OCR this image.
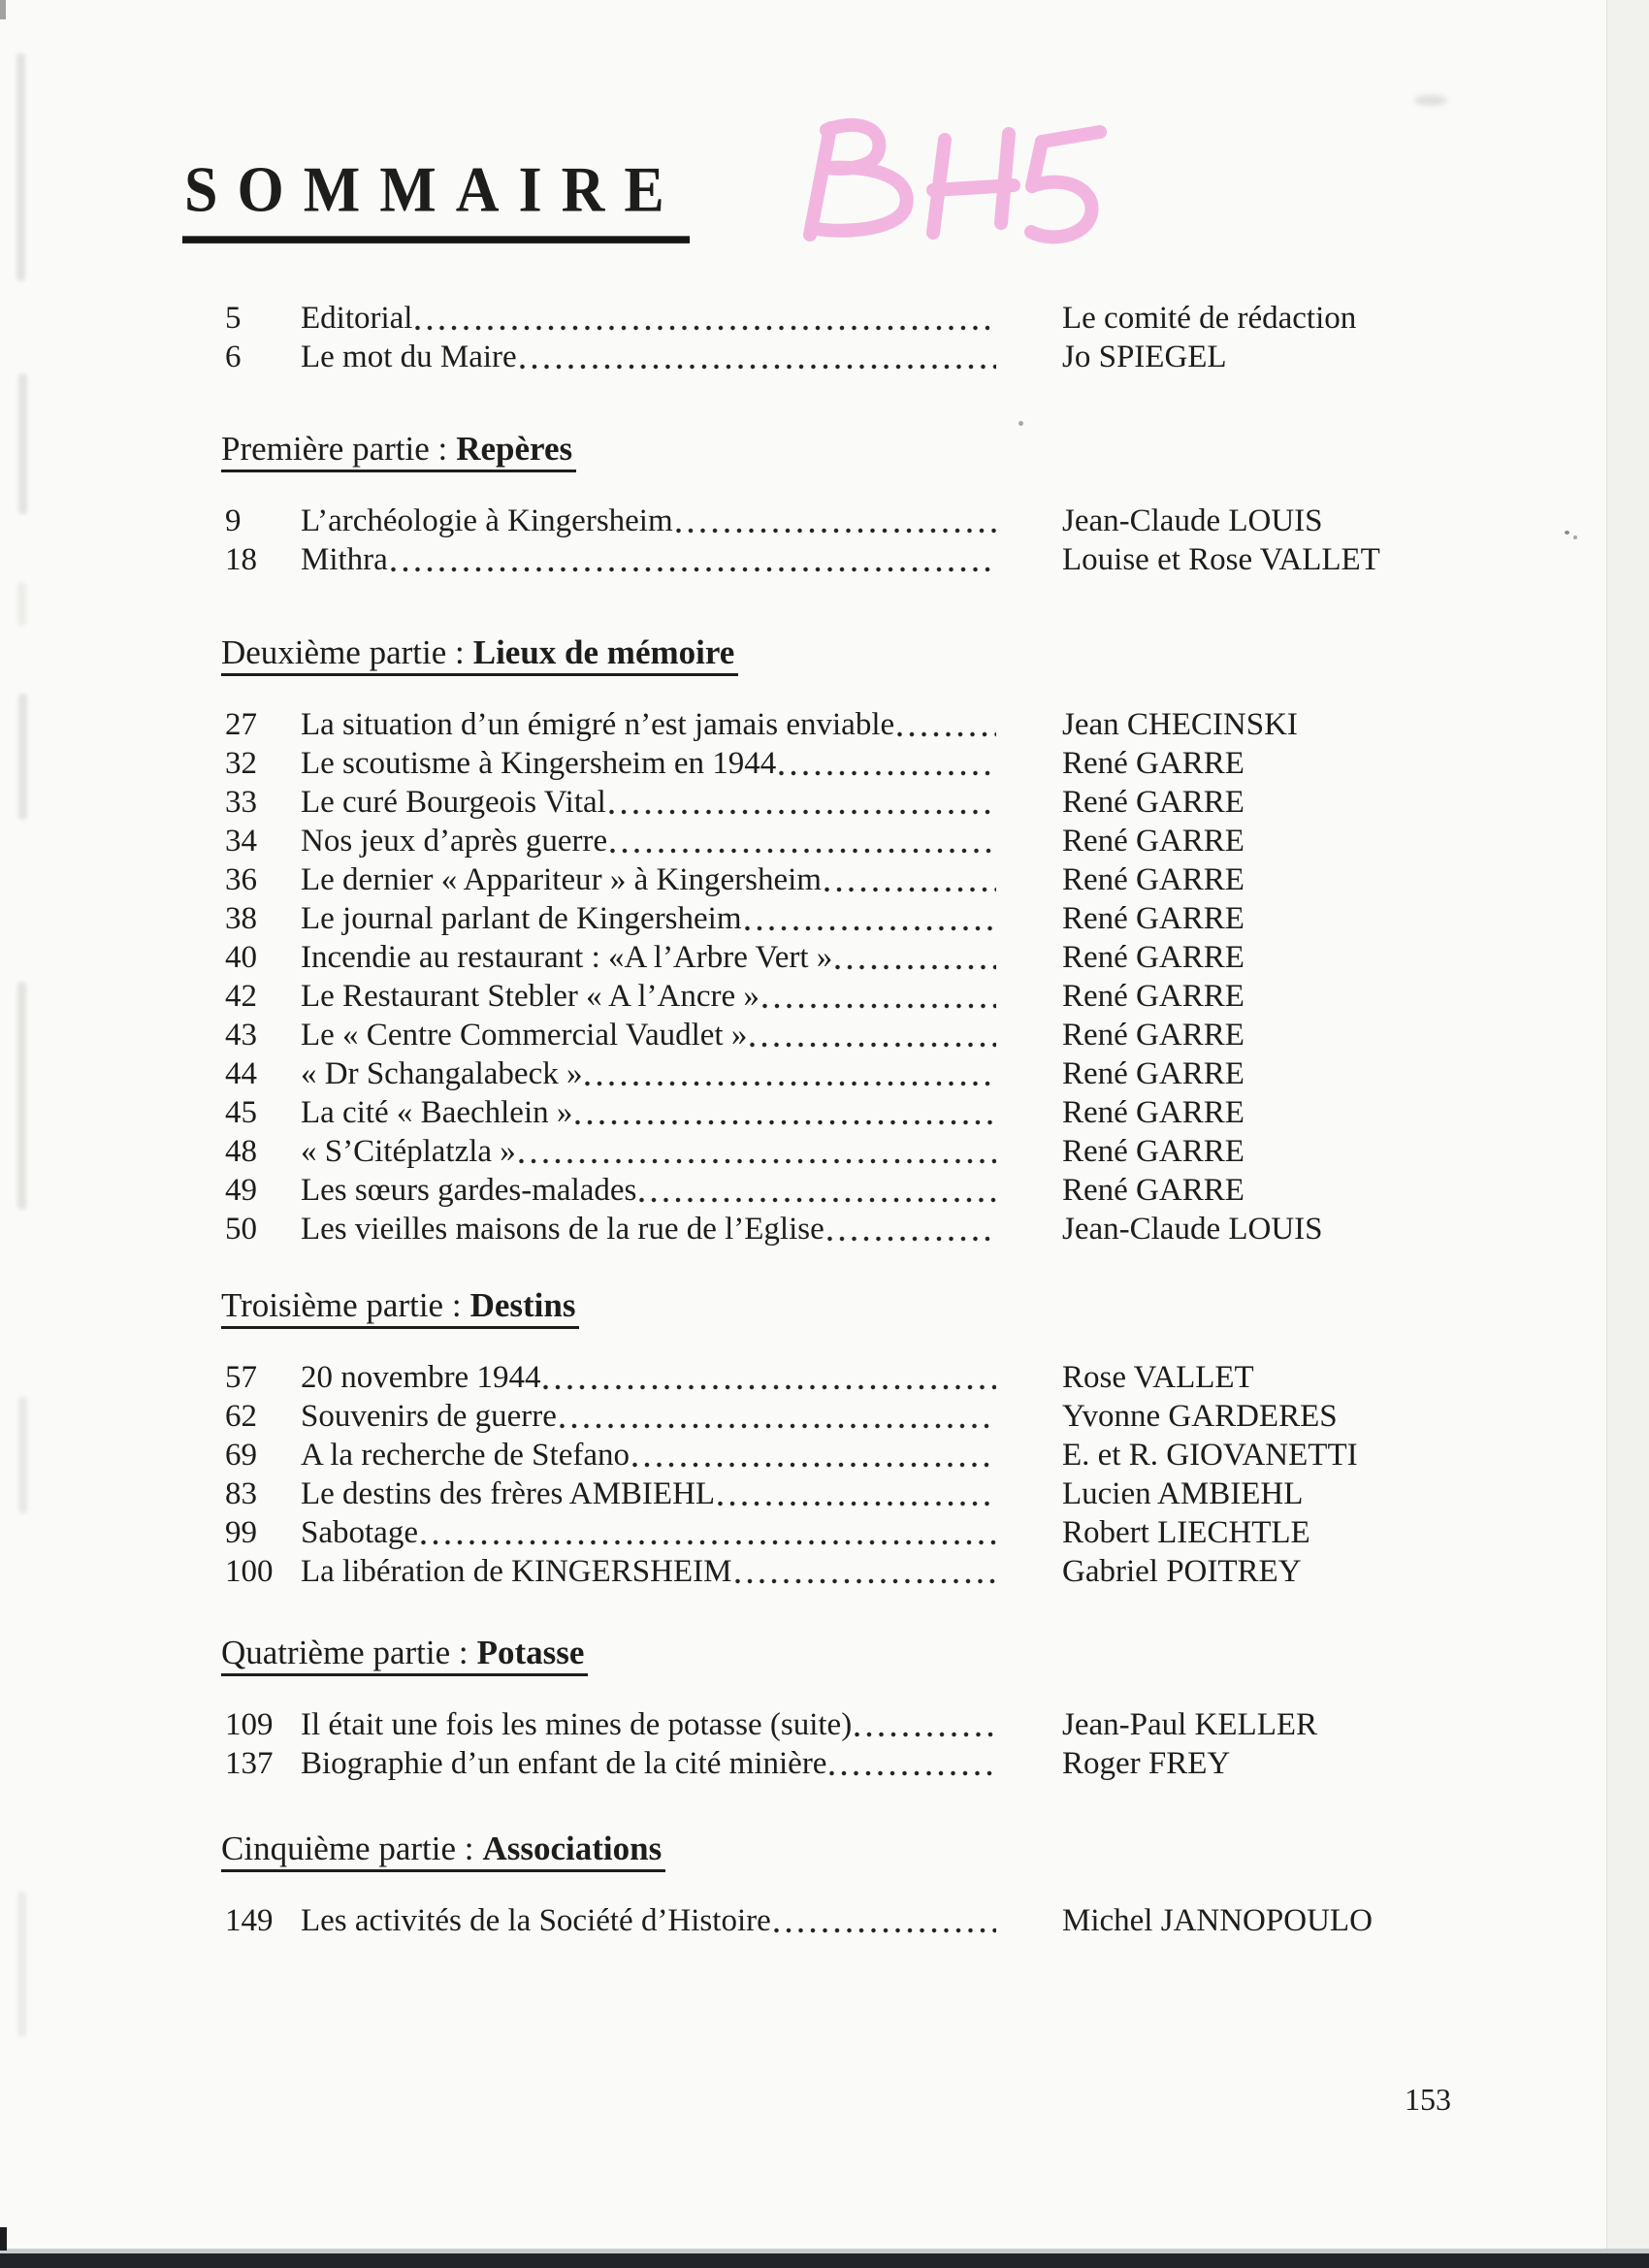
SOMMAIRE
5	Editorial	Le comité de rédaction
6	Le mot du Maire	Jo SPIEGEL
Première partie : Repères
9	L’archéologie à Kingersheim	Jean-Claude LOUIS
18	Mithra	Louise et Rose VALLET
Deuxième partie : Lieux de mémoire
27	La situation d’un émigré n’est jamais enviable	Jean CHECINSKI
32	Le scoutisme à Kingersheim en 1944	René GARRE
33	Le curé Bourgeois Vital	René GARRE
34	Nos jeux d’après guerre	René GARRE
36	Le dernier « Appariteur » à Kingersheim	René GARRE
38	Le journal parlant de Kingersheim	René GARRE
40	Incendie au restaurant : «A l’Arbre Vert »	René GARRE
42	Le Restaurant Stebler « A l’Ancre »	René GARRE
43	Le « Centre Commercial Vaudlet »	René GARRE
44	« Dr Schangalabeck »	René GARRE
45	La cité « Baechlein »	René GARRE
48	« S’Citéplatzla »	René GARRE
49	Les sœurs gardes-malades	René GARRE
50	Les vieilles maisons de la rue de l’Eglise	Jean-Claude LOUIS
Troisième partie : Destins
57	20 novembre 1944	Rose VALLET
62	Souvenirs de guerre	Yvonne GARDERES
69	A la recherche de Stefano	E. et R. GIOVANETTI
83	Le destins des frères AMBIEHL	Lucien AMBIEHL
99	Sabotage	Robert LIECHTLE
100 La libération de KINGERSHEIM	Gabriel POITREY
Quatrième partie : Potasse
109 Il était une fois les mines de potasse (suite)	Jean-Paul KELLER
137 Biographie d’un enfant de la cité minière	Roger FREY
Cinquième partie : Associations
149 Les activités de la Société d’Histoire	Michel JANNOPOULO
153
